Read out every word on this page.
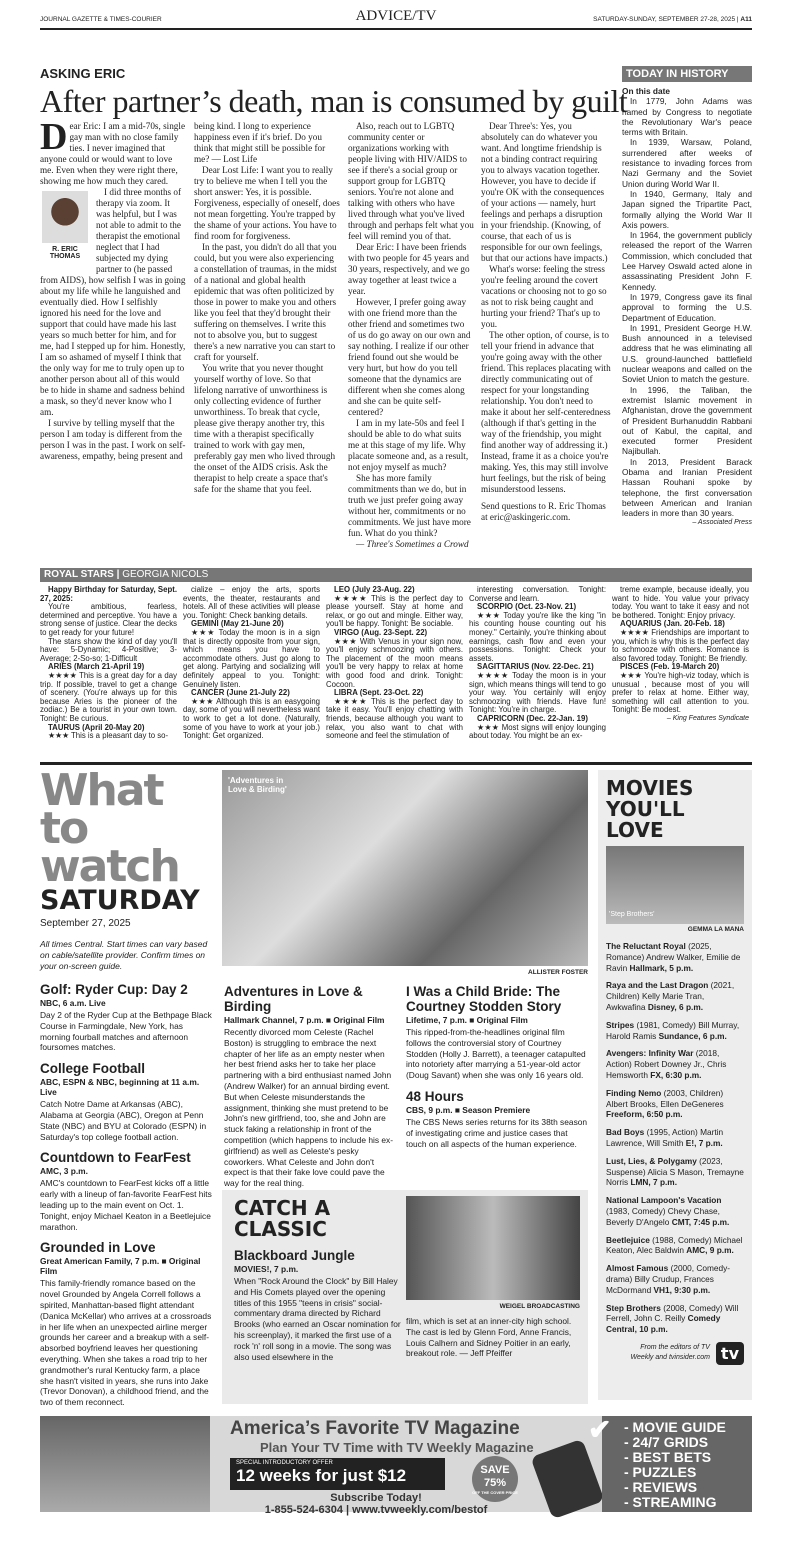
JOURNAL GAZETTE & TIMES-COURIER	ADVICE/TV	SATURDAY-SUNDAY, SEPTEMBER 27-28, 2025 | A11
ASKING ERIC
After partner’s death, man is consumed by guilt

Dear Eric: I am a mid-70s, single gay man with no close family ties. I never imagined that anyone could or would want to love me. Even when they were right there, showing me how much they cared.

R. ERIC THOMAS

I did three months of therapy via zoom. It was helpful, but I was not able to admit to the therapist the emotional neglect that I had subjected my dying partner to (he passed from AIDS), how selfish I was in going about my life while he languished and eventually died. How I selfishly ignored his need for the love and support that could have made his last years so much better for him, and for me, had I stepped up for him. Honestly, I am so ashamed of myself I think that the only way for me to truly open up to another person about all of this would be to hide in shame and sadness behind a mask, so they'd never know who I am.

I survive by telling myself that the person I am today is different from the person I was in the past. I work on self-awareness, empathy, being present and

being kind. I long to experience happiness even if it's brief. Do you think that might still be possible for me? — Lost Life

Dear Lost Life: I want you to really try to believe me when I tell you the short answer: Yes, it is possible. Forgiveness, especially of oneself, does not mean forgetting. You're trapped by the shame of your actions. You have to find room for forgiveness.

In the past, you didn't do all that you could, but you were also experiencing a constellation of traumas, in the midst of a national and global health epidemic that was often politicized by those in power to make you and others like you feel that they'd brought their suffering on themselves. I write this not to absolve you, but to suggest there's a new narrative you can start to craft for yourself.

You write that you never thought yourself worthy of love. So that lifelong narrative of unworthiness is only collecting evidence of further unworthiness. To break that cycle, please give therapy another try, this time with a therapist specifically trained to work with gay men, preferably gay men who lived through the onset of the AIDS crisis. Ask the therapist to help create a space that's safe for the shame that you feel.

Also, reach out to LGBTQ community center or organizations working with people living with HIV/AIDS to see if there's a social group or support group for LGBTQ seniors. You're not alone and talking with others who have lived through what you've lived through and perhaps felt what you feel will remind you of that.

Dear Eric: I have been friends with two people for 45 years and 30 years, respectively, and we go away together at least twice a year.

However, I prefer going away with one friend more than the other friend and sometimes two of us do go away on our own and say nothing. I realize if our other friend found out she would be very hurt, but how do you tell someone that the dynamics are different when she comes along and she can be quite self-centered?

I am in my late-50s and feel I should be able to do what suits me at this stage of my life. Why placate someone and, as a result, not enjoy myself as much?

She has more family commitments than we do, but in truth we just prefer going away without her, commitments or no commitments. We just have more fun. What do you think?

— Three's Sometimes a Crowd

Dear Three's: Yes, you absolutely can do whatever you want. And longtime friendship is not a binding contract requiring you to always vacation together. However, you have to decide if you're OK with the consequences of your actions — namely, hurt feelings and perhaps a disruption in your friendship. (Knowing, of course, that each of us is responsible for our own feelings, but that our actions have impacts.)

What's worse: feeling the stress you're feeling around the covert vacations or choosing not to go so as not to risk being caught and hurting your friend? That's up to you.

The other option, of course, is to tell your friend in advance that you're going away with the other friend. This replaces placating with directly communicating out of respect for your longstanding relationship. You don't need to make it about her self-centeredness (although if that's getting in the way of the friendship, you might find another way of addressing it.) Instead, frame it as a choice you're making. Yes, this may still involve hurt feelings, but the risk of being misunderstood lessens.

Send questions to R. Eric Thomas at eric@askingeric.com.

TODAY IN HISTORY
On this date

In 1779, John Adams was named by Congress to negotiate the Revolutionary War's peace terms with Britain.

In 1939, Warsaw, Poland, surrendered after weeks of resistance to invading forces from Nazi Germany and the Soviet Union during World War II.

In 1940, Germany, Italy and Japan signed the Tripartite Pact, formally allying the World War II Axis powers.

In 1964, the government publicly released the report of the Warren Commission, which concluded that Lee Harvey Oswald acted alone in assassinating President John F. Kennedy.

In 1979, Congress gave its final approval to forming the U.S. Department of Education.

In 1991, President George H.W. Bush announced in a televised address that he was eliminating all U.S. ground-launched battlefield nuclear weapons and called on the Soviet Union to match the gesture.

In 1996, the Taliban, the extremist Islamic movement in Afghanistan, drove the government of President Burhanuddin Rabbani out of Kabul, the capital, and executed former President Najibullah.

In 2013, President Barack Obama and Iranian President Hassan Rouhani spoke by telephone, the first conversation between American and Iranian leaders in more than 30 years.

– Associated Press
ROYAL STARS | GEORGIA NICOLS

Happy Birthday for Saturday, Sept. 27, 2025:

You're ambitious, fearless, determined and perceptive. You have a strong sense of justice. Clear the decks to get ready for your future!

The stars show the kind of day you'll have: 5-Dynamic; 4-Positive; 3-Average; 2-So-so; 1-Difficult

ARIES (March 21-April 19)

★★★★ This is a great day for a day trip. If possible, travel to get a change of scenery. (You're always up for this because Aries is the pioneer of the zodiac.) Be a tourist in your own town. Tonight: Be curious.

TAURUS (April 20-May 20)

★★★ This is a pleasant day to so-

cialize – enjoy the arts, sports events, the theater, restaurants and hotels. All of these activities will please you. Tonight: Check banking details.

GEMINI (May 21-June 20)

★★★ Today the moon is in a sign that is directly opposite from your sign, which means you have to accommodate others. Just go along to get along. Partying and socializing will definitely appeal to you. Tonight: Genuinely listen.

CANCER (June 21-July 22)

★★★ Although this is an easygoing day, some of you will nevertheless want to work to get a lot done. (Naturally, some of you have to work at your job.) Tonight: Get organized.

LEO (July 23-Aug. 22)

★★★★ This is the perfect day to please yourself. Stay at home and relax, or go out and mingle. Either way, you'll be happy. Tonight: Be sociable.

VIRGO (Aug. 23-Sept. 22)

★★★ With Venus in your sign now, you'll enjoy schmoozing with others. The placement of the moon means you'll be very happy to relax at home with good food and drink. Tonight: Cocoon.

LIBRA (Sept. 23-Oct. 22)

★★★★ This is the perfect day to take it easy. You'll enjoy chatting with friends, because although you want to relax, you also want to chat with someone and feel the stimulation of

interesting conversation. Tonight: Converse and learn.

SCORPIO (Oct. 23-Nov. 21)

★★★ Today you're like the king "in his counting house counting out his money." Certainly, you're thinking about earnings, cash flow and even your possessions. Tonight: Check your assets.

SAGITTARIUS (Nov. 22-Dec. 21)

★★★★ Today the moon is in your sign, which means things will tend to go your way. You certainly will enjoy schmoozing with friends. Have fun! Tonight: You're in charge.

CAPRICORN (Dec. 22-Jan. 19)

★★★ Most signs will enjoy lounging about today. You might be an ex-

treme example, because ideally, you want to hide. You value your privacy today. You want to take it easy and not be bothered. Tonight: Enjoy privacy.

AQUARIUS (Jan. 20-Feb. 18)

★★★★ Friendships are important to you, which is why this is the perfect day to schmooze with others. Romance is also favored today. Tonight: Be friendly.

PISCES (Feb. 19-March 20)

★★★ You're high-viz today, which is unusual , because most of you will prefer to relax at home. Either way, something will call attention to you. Tonight: Be modest.

– King Features Syndicate

What
to watch
SATURDAY
September 27, 2025
All times Central. Start times can vary based on cable/satellite provider. Confirm times on your on-screen guide.
Golf: Ryder Cup: Day 2
NBC, 6 a.m. Live

Day 2 of the Ryder Cup at the Bethpage Black Course in Farmingdale, New York, has morning fourball matches and afternoon foursomes matches.

College Football
ABC, ESPN & NBC, beginning at 11 a.m. Live

Catch Notre Dame at Arkansas (ABC), Alabama at Georgia (ABC), Oregon at Penn State (NBC) and BYU at Colorado (ESPN) in Saturday's top college football action.

Countdown to FearFest
AMC, 3 p.m.

AMC's countdown to FearFest kicks off a little early with a lineup of fan-favorite FearFest hits leading up to the main event on Oct. 1. Tonight, enjoy Michael Keaton in a Beetlejuice marathon.

Grounded in Love
Great American Family, 7 p.m. ■ Original Film

This family-friendly romance based on the novel Grounded by Angela Correll follows a spirited, Manhattan-based flight attendant (Danica McKellar) who arrives at a crossroads in her life when an unexpected airline merger grounds her career and a breakup with a self-absorbed boyfriend leaves her questioning everything. When she takes a road trip to her grandmother's rural Kentucky farm, a place she hasn't visited in years, she runs into Jake (Trevor Donovan), a childhood friend, and the two of them reconnect.

'Adventures in Love & Birding'
ALLISTER FOSTER
Adventures in Love & Birding
Hallmark Channel, 7 p.m. ■ Original Film

Recently divorced mom Celeste (Rachel Boston) is struggling to embrace the next chapter of her life as an empty nester when her best friend asks her to take her place partnering with a bird enthusiast named John (Andrew Walker) for an annual birding event. But when Celeste misunderstands the assignment, thinking she must pretend to be John's new girlfriend, too, she and John are stuck faking a relationship in front of the competition (which happens to include his ex-girlfriend) as well as Celeste's pesky coworkers. What Celeste and John don't expect is that their fake love could pave the way for the real thing.

I Was a Child Bride: The Courtney Stodden Story
Lifetime, 7 p.m. ■ Original Film

This ripped-from-the-headlines original film follows the controversial story of Courtney Stodden (Holly J. Barrett), a teenager catapulted into notoriety after marrying a 51-year-old actor (Doug Savant) when she was only 16 years old.

48 Hours
CBS, 9 p.m. ■ Season Premiere

The CBS News series returns for its 38th season of investigating crime and justice cases that touch on all aspects of the human experience.

CATCH A
CLASSIC
Blackboard Jungle
MOVIES!, 7 p.m.

When "Rock Around the Clock" by Bill Haley and His Comets played over the opening titles of this 1955 "teens in crisis" social-commentary drama directed by Richard Brooks (who earned an Oscar nomination for his screenplay), it marked the first use of a rock 'n' roll song in a movie. The song was also used elsewhere in the

WEIGEL BROADCASTING

film, which is set at an inner-city high school. The cast is led by Glenn Ford, Anne Francis, Louis Calhern and Sidney Poitier in an early, breakout role. — Jeff Pfeiffer

MOVIES
YOU'LL LOVE
'Step Brothers'
GEMMA LA MANA
The Reluctant Royal (2025, Romance) Andrew Walker, Emilie de Ravin Hallmark, 5 p.m.
Raya and the Last Dragon (2021, Children) Kelly Marie Tran, Awkwafina Disney, 6 p.m.
Stripes (1981, Comedy) Bill Murray, Harold Ramis Sundance, 6 p.m.
Avengers: Infinity War (2018, Action) Robert Downey Jr., Chris Hemsworth FX, 6:30 p.m.
Finding Nemo (2003, Children) Albert Brooks, Ellen DeGeneres Freeform, 6:50 p.m.
Bad Boys (1995, Action) Martin Lawrence, Will Smith E!, 7 p.m.
Lust, Lies, & Polygamy (2023, Suspense) Alicia S Mason, Tremayne Norris LMN, 7 p.m.
National Lampoon's Vacation (1983, Comedy) Chevy Chase, Beverly D'Angelo CMT, 7:45 p.m.
Beetlejuice (1988, Comedy) Michael Keaton, Alec Baldwin AMC, 9 p.m.
Almost Famous (2000, Comedy-drama) Billy Crudup, Frances McDormand VH1, 9:30 p.m.
Step Brothers (2008, Comedy) Will Ferrell, John C. Reilly Comedy Central, 10 p.m.
From the editors of TV Weekly and tvinsider.com tv
America’s Favorite TV Magazine
Plan Your TV Time with TV Weekly Magazine
SPECIAL INTRODUCTORY OFFER
12 weeks for just $12	SAVE 75%
OFF THE COVER PRICE
Subscribe Today!
1-855-524-6304 | www.tvweekly.com/bestof
✔ - MOVIE GUIDE
- 24/7 GRIDS
- BEST BETS
- PUZZLES
- REVIEWS
- STREAMING
